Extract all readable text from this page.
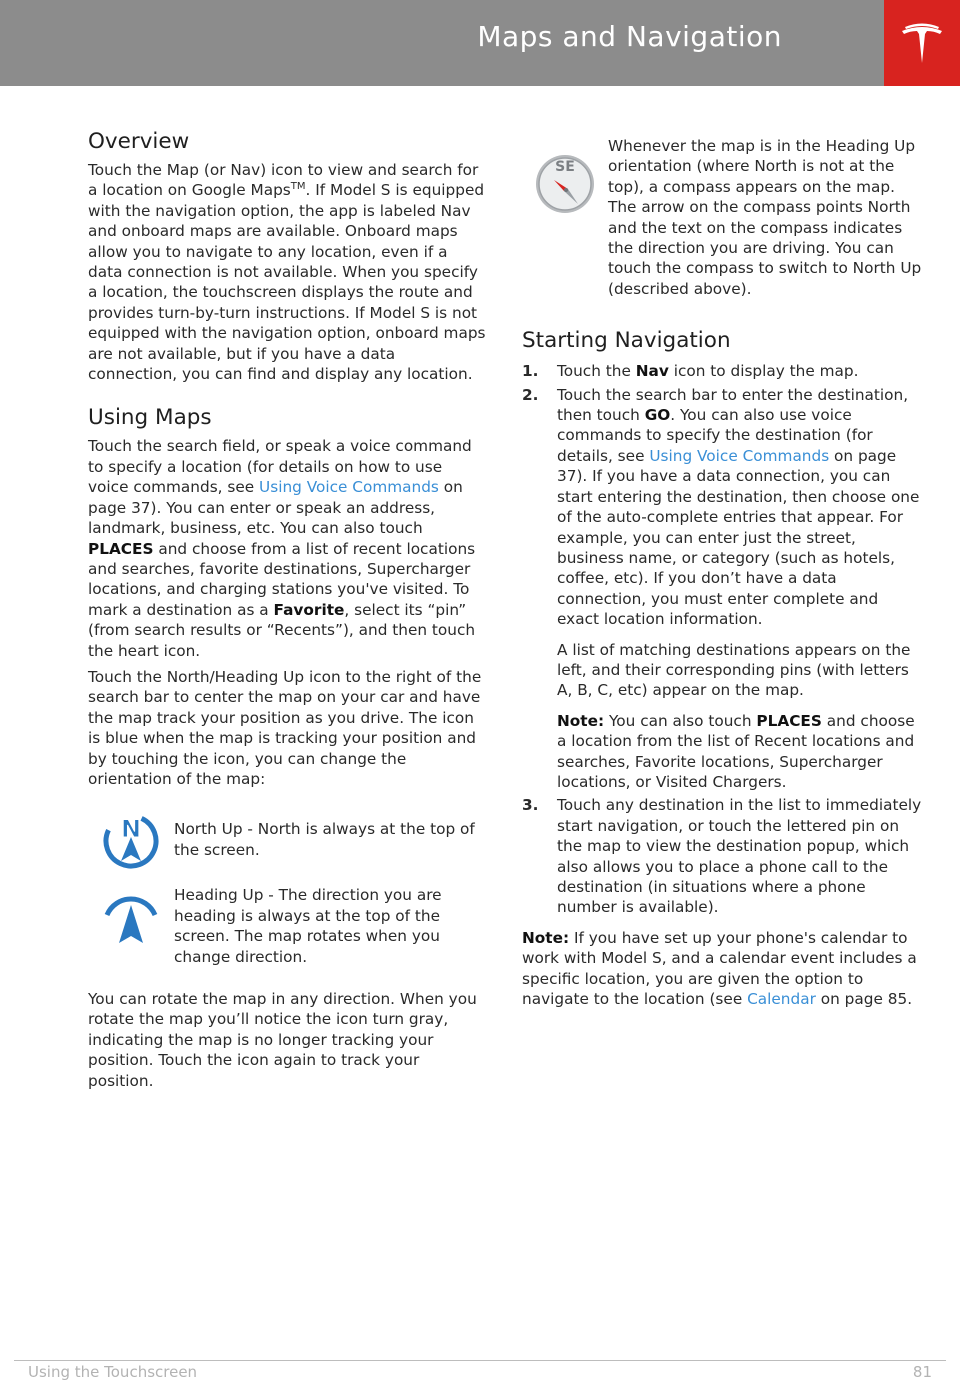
Maps and Navigation
Overview

Touch the Map (or Nav) icon to view and search for a location on Google Maps™. If Model S is equipped with the navigation option, the app is labeled Nav and onboard maps are available. Onboard maps allow you to navigate to any location, even if a data connection is not available. When you specify a location, the touchscreen displays the route and provides turn-by-turn instructions. If Model S is not equipped with the navigation option, onboard maps are not available, but if you have a data connection, you can find and display any location.

Using Maps

Touch the search field, or speak a voice command to specify a location (for details on how to use voice commands, see Using Voice Commands on page 37). You can enter or speak an address, landmark, business, etc. You can also touch PLACES and choose from a list of recent locations and searches, favorite destinations, Supercharger locations, and charging stations you've visited. To mark a destination as a Favorite, select its “pin” (from search results or “Recents”), and then touch the heart icon.

Touch the North/Heading Up icon to the right of the search bar to center the map on your car and have the map track your position as you drive. The icon is blue when the map is tracking your position and by touching the icon, you can change the orientation of the map:

N North Up - North is always at the top of the screen.
Heading Up - The direction you are heading is always at the top of the screen. The map rotates when you change direction.

You can rotate the map in any direction. When you rotate the map you’ll notice the icon turn gray, indicating the map is no longer tracking your position. Touch the icon again to track your position.

SE
Whenever the map is in the Heading Up orientation (where North is not at the top), a compass appears on the map. The arrow on the compass points North and the text on the compass indicates the direction you are driving. You can touch the compass to switch to North Up (described above).
Starting Navigation
1. Touch the Nav icon to display the map.
2. Touch the search bar to enter the destination, then touch GO. You can also use voice commands to specify the destination (for details, see Using Voice Commands on page 37). If you have a data connection, you can start entering the destination, then choose one of the auto-complete entries that appear. For example, you can enter just the street, business name, or category (such as hotels, coffee, etc). If you don’t have a data connection, you must enter complete and exact location information.
A list of matching destinations appears on the left, and their corresponding pins (with letters A, B, C, etc) appear on the map.
Note: You can also touch PLACES and choose a location from the list of Recent locations and searches, Favorite locations, Supercharger locations, or Visited Chargers.
3. Touch any destination in the list to immediately start navigation, or touch the lettered pin on the map to view the destination popup, which also allows you to place a phone call to the destination (in situations where a phone number is available).

Note: If you have set up your phone's calendar to work with Model S, and a calendar event includes a specific location, you are given the option to navigate to the location (see Calendar on page 85.

Using the Touchscreen	81
